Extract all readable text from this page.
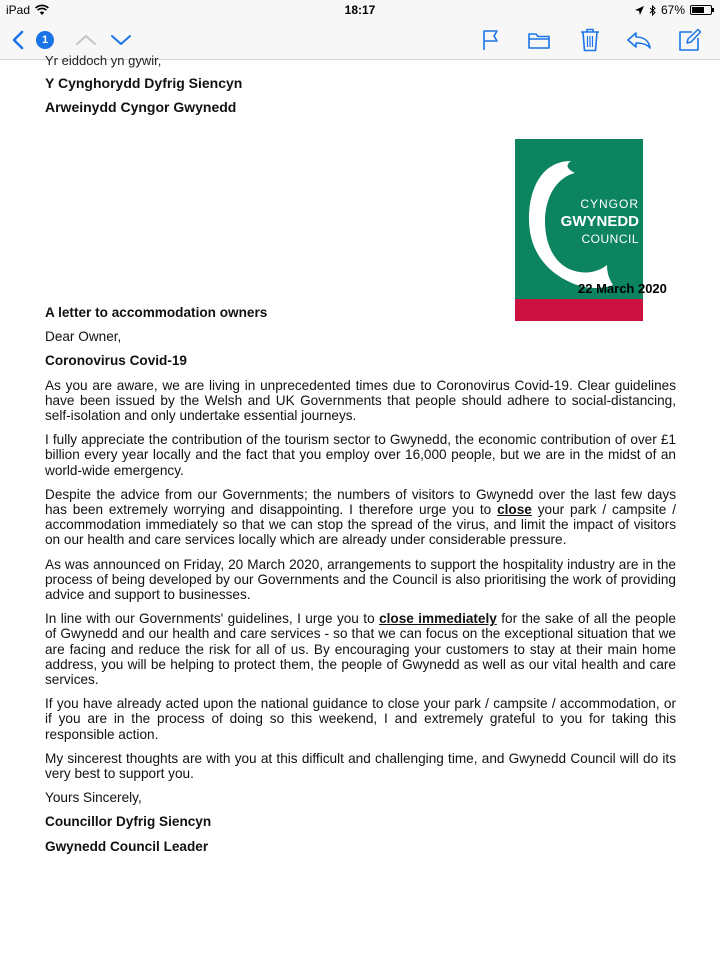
iPad	18:17	67%
1
Yr eiddoch yn gywir,
Y Cynghorydd Dyfrig Siencyn
Arweinydd Cyngor Gwynedd
CYNGOR
GWYNEDD
COUNCIL
22 March 2020
A letter to accommodation owners

Dear Owner,

Coronovirus Covid-19

As you are aware, we are living in unprecedented times due to Coronovirus Covid-19. Clear guidelines have been issued by the Welsh and UK Governments that people should adhere to social-distancing, self-isolation and only undertake essential journeys.

I fully appreciate the contribution of the tourism sector to Gwynedd, the economic contribution of over £1 billion every year locally and the fact that you employ over 16,000 people, but we are in the midst of an world-wide emergency.

Despite the advice from our Governments; the numbers of visitors to Gwynedd over the last few days has been extremely worrying and disappointing. I therefore urge you to close your park / campsite / accommodation immediately so that we can stop the spread of the virus, and limit the impact of visitors on our health and care services locally which are already under considerable pressure.

As was announced on Friday, 20 March 2020, arrangements to support the hospitality industry are in the process of being developed by our Governments and the Council is also prioritising the work of providing advice and support to businesses.

In line with our Governments' guidelines, I urge you to close immediately for the sake of all the people of Gwynedd and our health and care services - so that we can focus on the exceptional situation that we are facing and reduce the risk for all of us. By encouraging your customers to stay at their main home address, you will be helping to protect them, the people of Gwynedd as well as our vital health and care services.

If you have already acted upon the national guidance to close your park / campsite / accommodation, or if you are in the process of doing so this weekend, I and extremely grateful to you for taking this responsible action.

My sincerest thoughts are with you at this difficult and challenging time, and Gwynedd Council will do its very best to support you.

Yours Sincerely,

Councillor Dyfrig Siencyn

Gwynedd Council Leader
